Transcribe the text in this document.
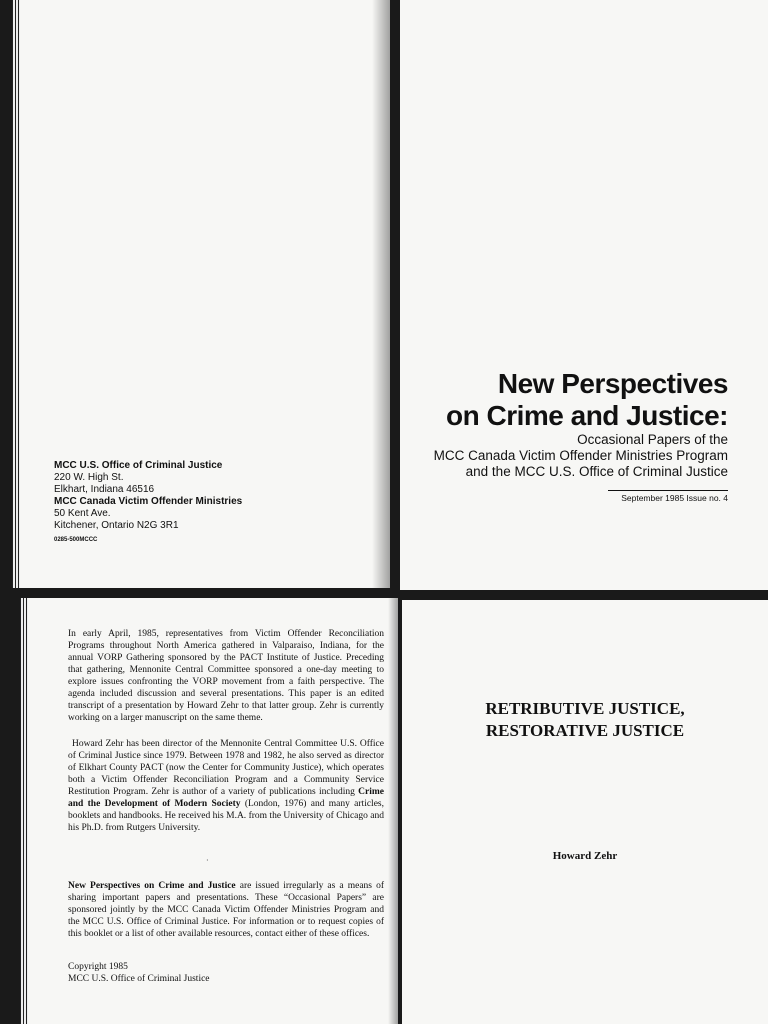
MCC U.S. Office of Criminal Justice
220 W. High St.
Elkhart, Indiana 46516
MCC Canada Victim Offender Ministries
50 Kent Ave.
Kitchener, Ontario N2G 3R1
0285-500MCCC
New Perspectives
on Crime and Justice:
Occasional Papers of the
MCC Canada Victim Offender Ministries Program
and the MCC U.S. Office of Criminal Justice
September 1985 Issue no. 4
In early April, 1985, representatives from Victim Offender Reconciliation Programs throughout North America gathered in Valparaiso, Indiana, for the annual VORP Gathering sponsored by the PACT Institute of Justice. Preceding that gathering, Mennonite Central Committee sponsored a one-day meeting to explore issues confronting the VORP movement from a faith perspective. The agenda included discussion and several presentations. This paper is an edited transcript of a presentation by Howard Zehr to that latter group. Zehr is currently working on a larger manuscript on the same theme.
Howard Zehr has been director of the Mennonite Central Committee U.S. Office of Criminal Justice since 1979. Between 1978 and 1982, he also served as director of Elkhart County PACT (now the Center for Community Justice), which operates both a Victim Offender Reconciliation Program and a Community Service Restitution Program. Zehr is author of a variety of publications including Crime and the Development of Modern Society (London, 1976) and many articles, booklets and handbooks. He received his M.A. from the University of Chicago and his Ph.D. from Rutgers University.
·
New Perspectives on Crime and Justice are issued irregularly as a means of sharing important papers and presentations. These “Occasional Papers” are sponsored jointly by the MCC Canada Victim Offender Ministries Program and the MCC U.S. Office of Criminal Justice. For information or to request copies of this booklet or a list of other available resources, contact either of these offices.
Copyright 1985
MCC U.S. Office of Criminal Justice
RETRIBUTIVE JUSTICE,
RESTORATIVE JUSTICE
Howard Zehr
